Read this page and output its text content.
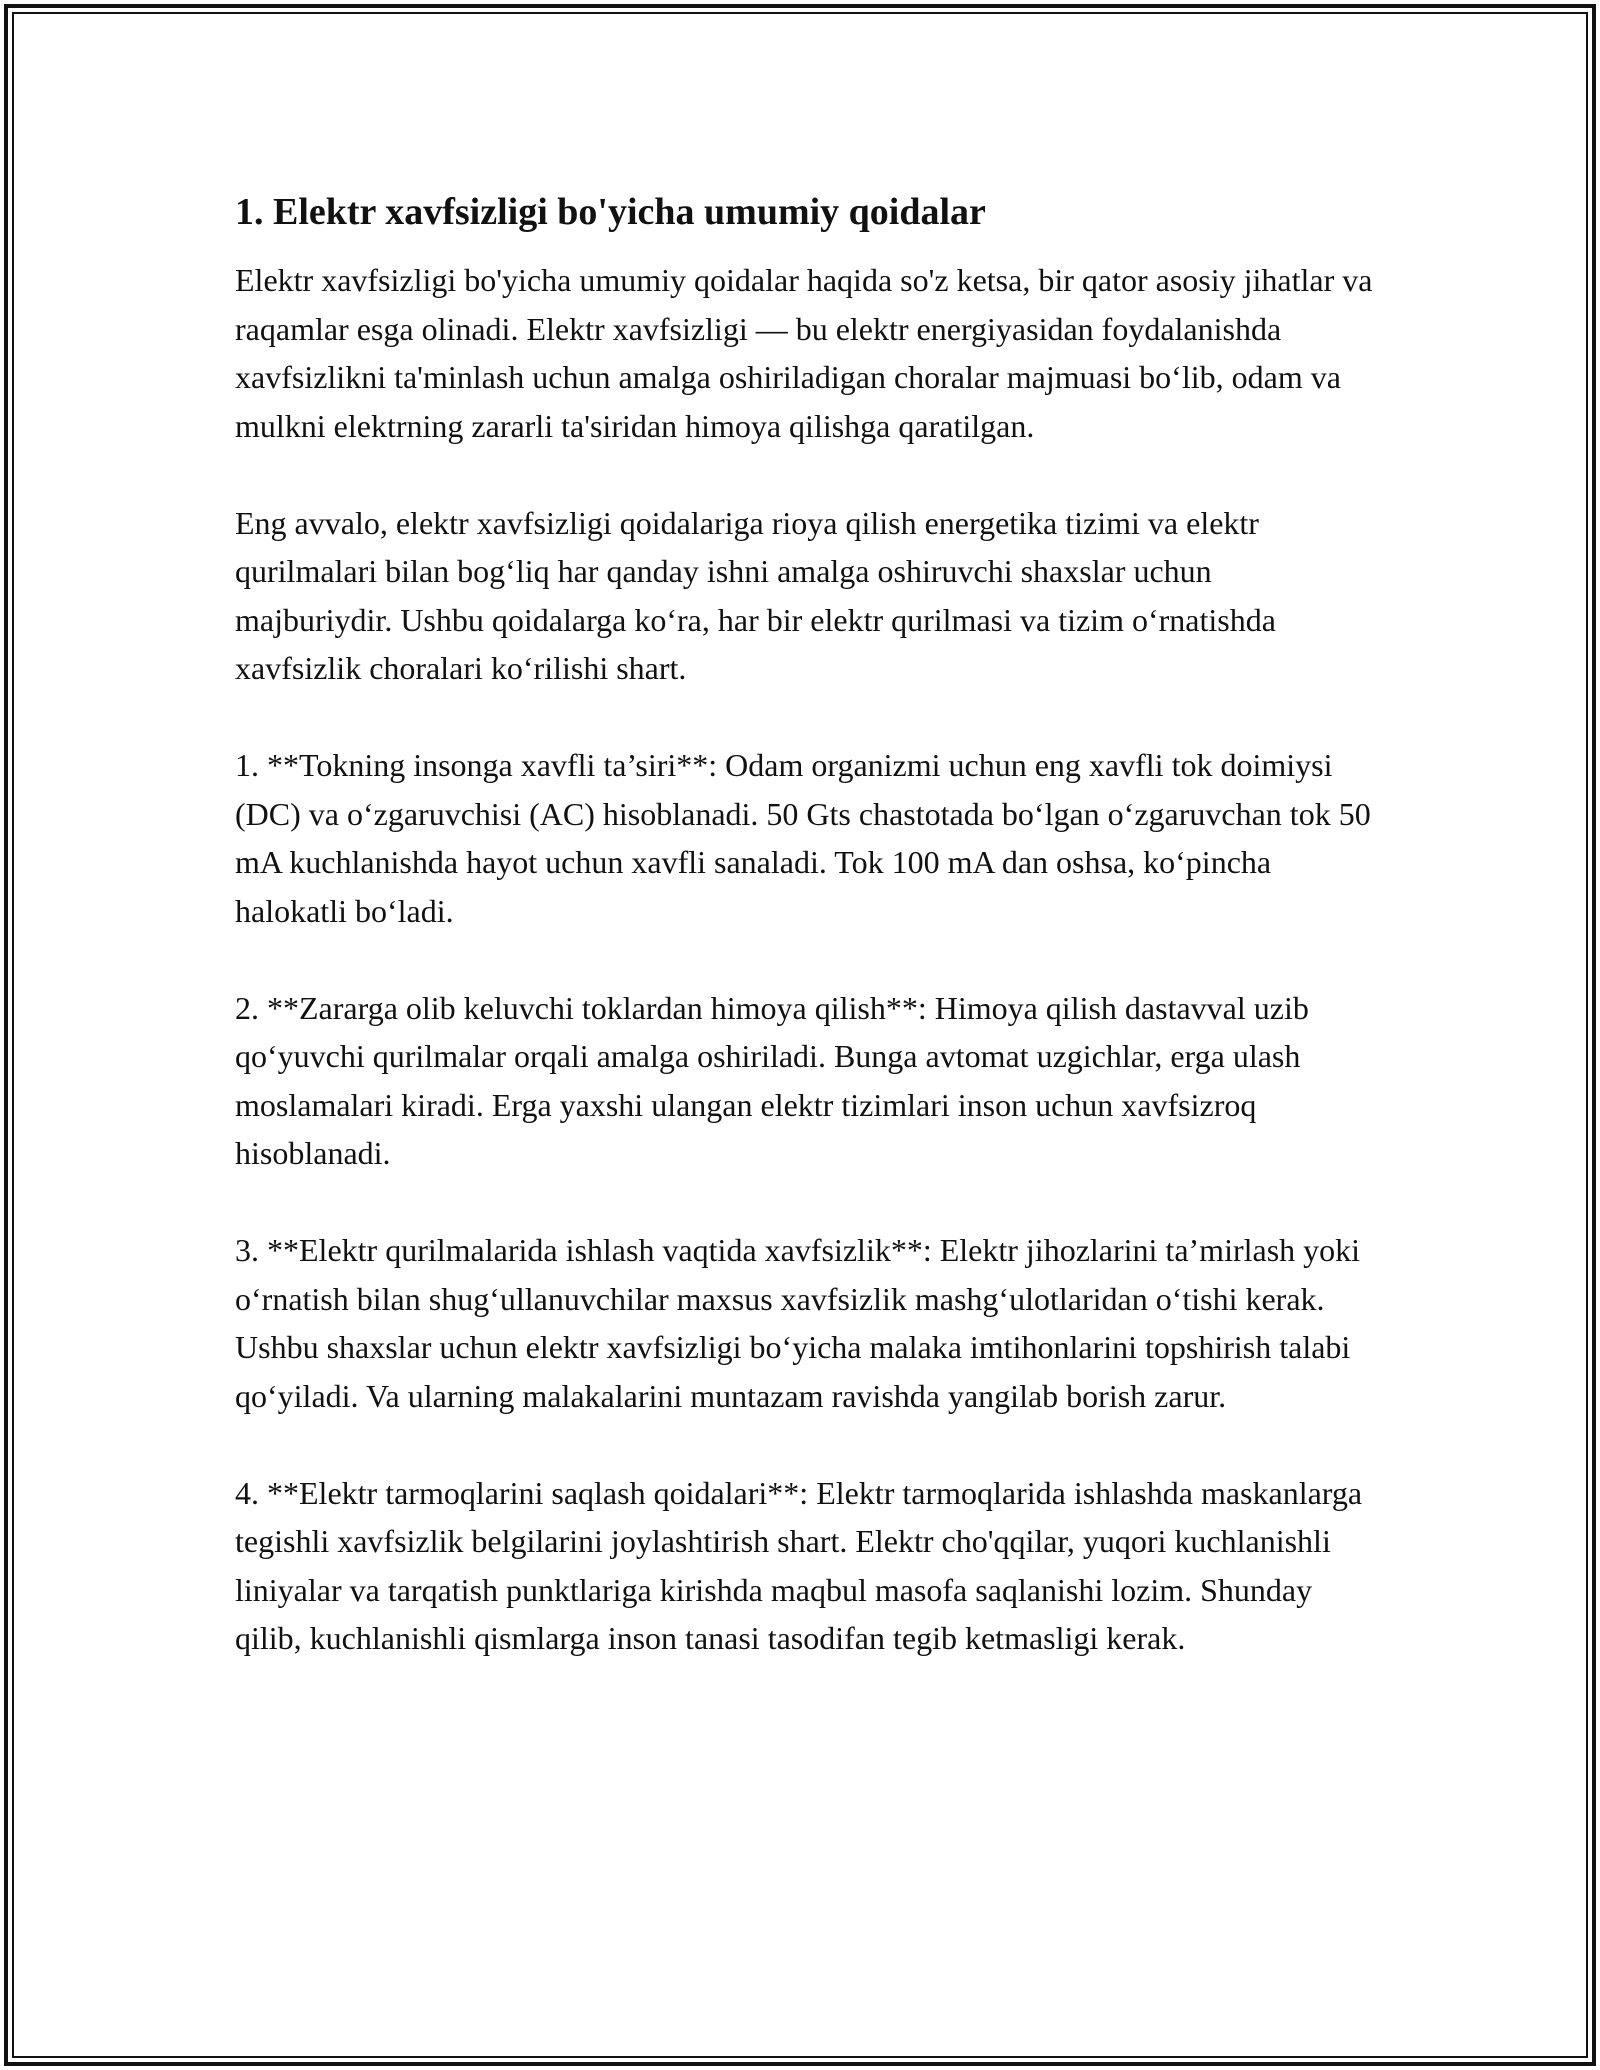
1. Elektr xavfsizligi bo'yicha umumiy qoidalar

Elektr xavfsizligi bo'yicha umumiy qoidalar haqida so'z ketsa, bir qator asosiy jihatlar va raqamlar esga olinadi. Elektr xavfsizligi — bu elektr energiyasidan foydalanishda xavfsizlikni ta'minlash uchun amalga oshiriladigan choralar majmuasi bo‘lib, odam va mulkni elektrning zararli ta'siridan himoya qilishga qaratilgan.

Eng avvalo, elektr xavfsizligi qoidalariga rioya qilish energetika tizimi va elektr qurilmalari bilan bog‘liq har qanday ishni amalga oshiruvchi shaxslar uchun majburiydir. Ushbu qoidalarga ko‘ra, har bir elektr qurilmasi va tizim o‘rnatishda xavfsizlik choralari ko‘rilishi shart.

1. **Tokning insonga xavfli ta’siri**: Odam organizmi uchun eng xavfli tok doimiysi (DC) va o‘zgaruvchisi (AC) hisoblanadi. 50 Gts chastotada bo‘lgan o‘zgaruvchan tok 50 mA kuchlanishda hayot uchun xavfli sanaladi. Tok 100 mA dan oshsa, ko‘pincha halokatli bo‘ladi.

2. **Zararga olib keluvchi toklardan himoya qilish**: Himoya qilish dastavval uzib qo‘yuvchi qurilmalar orqali amalga oshiriladi. Bunga avtomat uzgichlar, erga ulash moslamalari kiradi. Erga yaxshi ulangan elektr tizimlari inson uchun xavfsizroq hisoblanadi.

3. **Elektr qurilmalarida ishlash vaqtida xavfsizlik**: Elektr jihozlarini ta’mirlash yoki o‘rnatish bilan shug‘ullanuvchilar maxsus xavfsizlik mashg‘ulotlaridan o‘tishi kerak. Ushbu shaxslar uchun elektr xavfsizligi bo‘yicha malaka imtihonlarini topshirish talabi qo‘yiladi. Va ularning malakalarini muntazam ravishda yangilab borish zarur.

4. **Elektr tarmoqlarini saqlash qoidalari**: Elektr tarmoqlarida ishlashda maskanlarga tegishli xavfsizlik belgilarini joylashtirish shart. Elektr cho'qqilar, yuqori kuchlanishli liniyalar va tarqatish punktlariga kirishda maqbul masofa saqlanishi lozim. Shunday qilib, kuchlanishli qismlarga inson tanasi tasodifan tegib ketmasligi kerak.
